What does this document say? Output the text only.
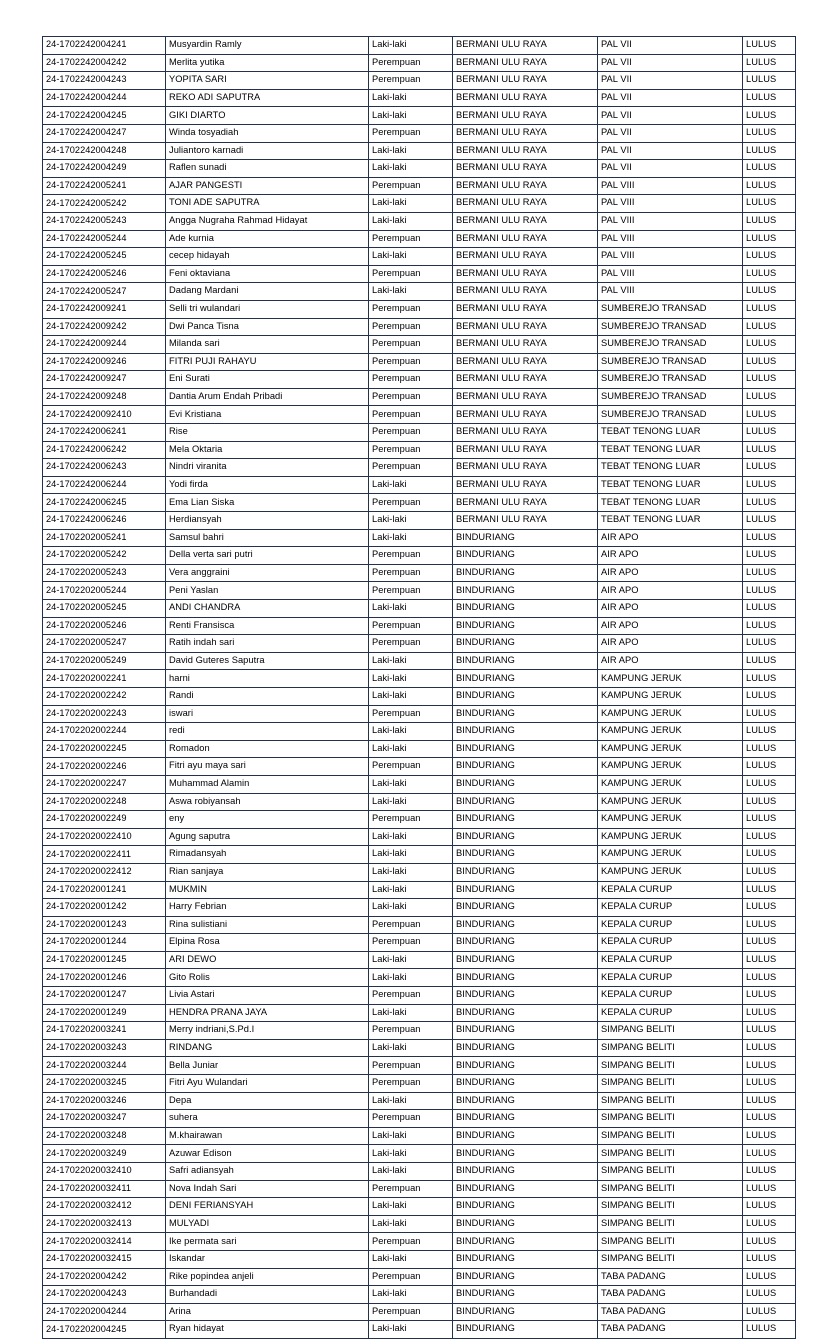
24-1702242004241	Musyardin Ramly	Laki-laki	BERMANI ULU RAYA	PAL VII	LULUS
24-1702242004242	Merlita yutika	Perempuan	BERMANI ULU RAYA	PAL VII	LULUS
24-1702242004243	YOPITA SARI	Perempuan	BERMANI ULU RAYA	PAL VII	LULUS
24-1702242004244	REKO ADI SAPUTRA	Laki-laki	BERMANI ULU RAYA	PAL VII	LULUS
24-1702242004245	GIKI DIARTO	Laki-laki	BERMANI ULU RAYA	PAL VII	LULUS
24-1702242004247	Winda tosyadiah	Perempuan	BERMANI ULU RAYA	PAL VII	LULUS
24-1702242004248	Juliantoro karnadi	Laki-laki	BERMANI ULU RAYA	PAL VII	LULUS
24-1702242004249	Raflen sunadi	Laki-laki	BERMANI ULU RAYA	PAL VII	LULUS
24-1702242005241	AJAR PANGESTI	Perempuan	BERMANI ULU RAYA	PAL VIII	LULUS
24-1702242005242	TONI ADE SAPUTRA	Laki-laki	BERMANI ULU RAYA	PAL VIII	LULUS
24-1702242005243	Angga Nugraha Rahmad Hidayat	Laki-laki	BERMANI ULU RAYA	PAL VIII	LULUS
24-1702242005244	Ade kurnia	Perempuan	BERMANI ULU RAYA	PAL VIII	LULUS
24-1702242005245	cecep hidayah	Laki-laki	BERMANI ULU RAYA	PAL VIII	LULUS
24-1702242005246	Feni oktaviana	Perempuan	BERMANI ULU RAYA	PAL VIII	LULUS
24-1702242005247	Dadang Mardani	Laki-laki	BERMANI ULU RAYA	PAL VIII	LULUS
24-1702242009241	Selli tri wulandari	Perempuan	BERMANI ULU RAYA	SUMBEREJO TRANSAD	LULUS
24-1702242009242	Dwi Panca Tisna	Perempuan	BERMANI ULU RAYA	SUMBEREJO TRANSAD	LULUS
24-1702242009244	Milanda sari	Perempuan	BERMANI ULU RAYA	SUMBEREJO TRANSAD	LULUS
24-1702242009246	FITRI PUJI RAHAYU	Perempuan	BERMANI ULU RAYA	SUMBEREJO TRANSAD	LULUS
24-1702242009247	Eni Surati	Perempuan	BERMANI ULU RAYA	SUMBEREJO TRANSAD	LULUS
24-1702242009248	Dantia Arum Endah Pribadi	Perempuan	BERMANI ULU RAYA	SUMBEREJO TRANSAD	LULUS
24-17022420092410	Evi Kristiana	Perempuan	BERMANI ULU RAYA	SUMBEREJO TRANSAD	LULUS
24-1702242006241	Rise	Perempuan	BERMANI ULU RAYA	TEBAT TENONG LUAR	LULUS
24-1702242006242	Mela Oktaria	Perempuan	BERMANI ULU RAYA	TEBAT TENONG LUAR	LULUS
24-1702242006243	Nindri viranita	Perempuan	BERMANI ULU RAYA	TEBAT TENONG LUAR	LULUS
24-1702242006244	Yodi firda	Laki-laki	BERMANI ULU RAYA	TEBAT TENONG LUAR	LULUS
24-1702242006245	Ema Lian Siska	Perempuan	BERMANI ULU RAYA	TEBAT TENONG LUAR	LULUS
24-1702242006246	Herdiansyah	Laki-laki	BERMANI ULU RAYA	TEBAT TENONG LUAR	LULUS
24-1702202005241	Samsul bahri	Laki-laki	BINDURIANG	AIR APO	LULUS
24-1702202005242	Della verta sari putri	Perempuan	BINDURIANG	AIR APO	LULUS
24-1702202005243	Vera anggraini	Perempuan	BINDURIANG	AIR APO	LULUS
24-1702202005244	Peni Yaslan	Perempuan	BINDURIANG	AIR APO	LULUS
24-1702202005245	ANDI CHANDRA	Laki-laki	BINDURIANG	AIR APO	LULUS
24-1702202005246	Renti Fransisca	Perempuan	BINDURIANG	AIR APO	LULUS
24-1702202005247	Ratih indah sari	Perempuan	BINDURIANG	AIR APO	LULUS
24-1702202005249	David Guteres Saputra	Laki-laki	BINDURIANG	AIR APO	LULUS
24-1702202002241	harni	Laki-laki	BINDURIANG	KAMPUNG JERUK	LULUS
24-1702202002242	Randi	Laki-laki	BINDURIANG	KAMPUNG JERUK	LULUS
24-1702202002243	iswari	Perempuan	BINDURIANG	KAMPUNG JERUK	LULUS
24-1702202002244	redi	Laki-laki	BINDURIANG	KAMPUNG JERUK	LULUS
24-1702202002245	Romadon	Laki-laki	BINDURIANG	KAMPUNG JERUK	LULUS
24-1702202002246	Fitri ayu maya sari	Perempuan	BINDURIANG	KAMPUNG JERUK	LULUS
24-1702202002247	Muhammad Alamin	Laki-laki	BINDURIANG	KAMPUNG JERUK	LULUS
24-1702202002248	Aswa robiyansah	Laki-laki	BINDURIANG	KAMPUNG JERUK	LULUS
24-1702202002249	eny	Perempuan	BINDURIANG	KAMPUNG JERUK	LULUS
24-17022020022410	Agung saputra	Laki-laki	BINDURIANG	KAMPUNG JERUK	LULUS
24-17022020022411	Rimadansyah	Laki-laki	BINDURIANG	KAMPUNG JERUK	LULUS
24-17022020022412	Rian sanjaya	Laki-laki	BINDURIANG	KAMPUNG JERUK	LULUS
24-1702202001241	MUKMIN	Laki-laki	BINDURIANG	KEPALA CURUP	LULUS
24-1702202001242	Harry Febrian	Laki-laki	BINDURIANG	KEPALA CURUP	LULUS
24-1702202001243	Rina sulistiani	Perempuan	BINDURIANG	KEPALA CURUP	LULUS
24-1702202001244	Elpina Rosa	Perempuan	BINDURIANG	KEPALA CURUP	LULUS
24-1702202001245	ARI DEWO	Laki-laki	BINDURIANG	KEPALA CURUP	LULUS
24-1702202001246	Gito Rolis	Laki-laki	BINDURIANG	KEPALA CURUP	LULUS
24-1702202001247	Livia Astari	Perempuan	BINDURIANG	KEPALA CURUP	LULUS
24-1702202001249	HENDRA PRANA JAYA	Laki-laki	BINDURIANG	KEPALA CURUP	LULUS
24-1702202003241	Merry indriani,S.Pd.I	Perempuan	BINDURIANG	SIMPANG BELITI	LULUS
24-1702202003243	RINDANG	Laki-laki	BINDURIANG	SIMPANG BELITI	LULUS
24-1702202003244	Bella Juniar	Perempuan	BINDURIANG	SIMPANG BELITI	LULUS
24-1702202003245	Fitri Ayu Wulandari	Perempuan	BINDURIANG	SIMPANG BELITI	LULUS
24-1702202003246	Depa	Laki-laki	BINDURIANG	SIMPANG BELITI	LULUS
24-1702202003247	suhera	Perempuan	BINDURIANG	SIMPANG BELITI	LULUS
24-1702202003248	M.khairawan	Laki-laki	BINDURIANG	SIMPANG BELITI	LULUS
24-1702202003249	Azuwar Edison	Laki-laki	BINDURIANG	SIMPANG BELITI	LULUS
24-17022020032410	Safri adiansyah	Laki-laki	BINDURIANG	SIMPANG BELITI	LULUS
24-17022020032411	Nova Indah Sari	Perempuan	BINDURIANG	SIMPANG BELITI	LULUS
24-17022020032412	DENI FERIANSYAH	Laki-laki	BINDURIANG	SIMPANG BELITI	LULUS
24-17022020032413	MULYADI	Laki-laki	BINDURIANG	SIMPANG BELITI	LULUS
24-17022020032414	Ike permata sari	Perempuan	BINDURIANG	SIMPANG BELITI	LULUS
24-17022020032415	Iskandar	Laki-laki	BINDURIANG	SIMPANG BELITI	LULUS
24-1702202004242	Rike popindea anjeli	Perempuan	BINDURIANG	TABA PADANG	LULUS
24-1702202004243	Burhandadi	Laki-laki	BINDURIANG	TABA PADANG	LULUS
24-1702202004244	Arina	Perempuan	BINDURIANG	TABA PADANG	LULUS
24-1702202004245	Ryan hidayat	Laki-laki	BINDURIANG	TABA PADANG	LULUS
